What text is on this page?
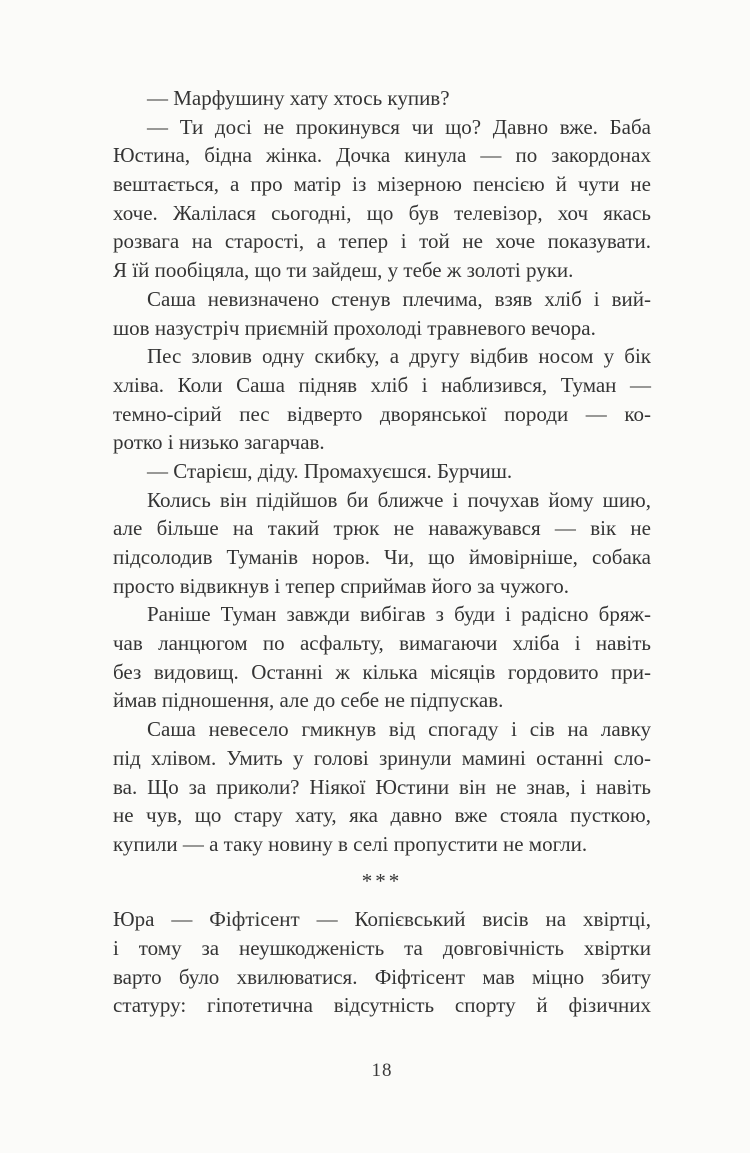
— Марфушину хату хтось купив?
— Ти досі не прокинувся чи що? Давно вже. Баба
Юстина, бідна жінка. Дочка кинула — по закордонах
вештається, а про матір із мізерною пенсією й чути не
хоче. Жалілася сьогодні, що був телевізор, хоч якась
розвага на старості, а тепер і той не хоче показувати.
Я їй пообіцяла, що ти зайдеш, у тебе ж золоті руки.
Саша невизначено стенув плечима, взяв хліб і вий-
шов назустріч приємній прохолоді травневого вечора.
Пес зловив одну скибку, а другу відбив носом у бік
хліва. Коли Саша підняв хліб і наблизився, Туман —
темно-сірий пес відверто дворянської породи — ко-
ротко і низько загарчав.
— Старієш, діду. Промахуєшся. Бурчиш.
Колись він підійшов би ближче і почухав йому шию,
але більше на такий трюк не наважувався — вік не
підсолодив Туманів норов. Чи, що ймовірніше, собака
просто відвикнув і тепер сприймав його за чужого.
Раніше Туман завжди вибігав з буди і радісно бряж-
чав ланцюгом по асфальту, вимагаючи хліба і навіть
без видовищ. Останні ж кілька місяців гордовито при-
ймав підношення, але до себе не підпускав.
Саша невесело гмикнув від спогаду і сів на лавку
під хлівом. Умить у голові зринули мамині останні сло-
ва. Що за приколи? Ніякої Юстини він не знав, і навіть
не чув, що стару хату, яка давно вже стояла пусткою,
купили — а таку новину в селі пропустити не могли.
***
Юра — Фіфтісент — Копієвський висів на хвіртці,
і тому за неушкодженість та довговічність хвіртки
варто було хвилюватися. Фіфтісент мав міцно збиту
статуру: гіпотетична відсутність спорту й фізичних
18
